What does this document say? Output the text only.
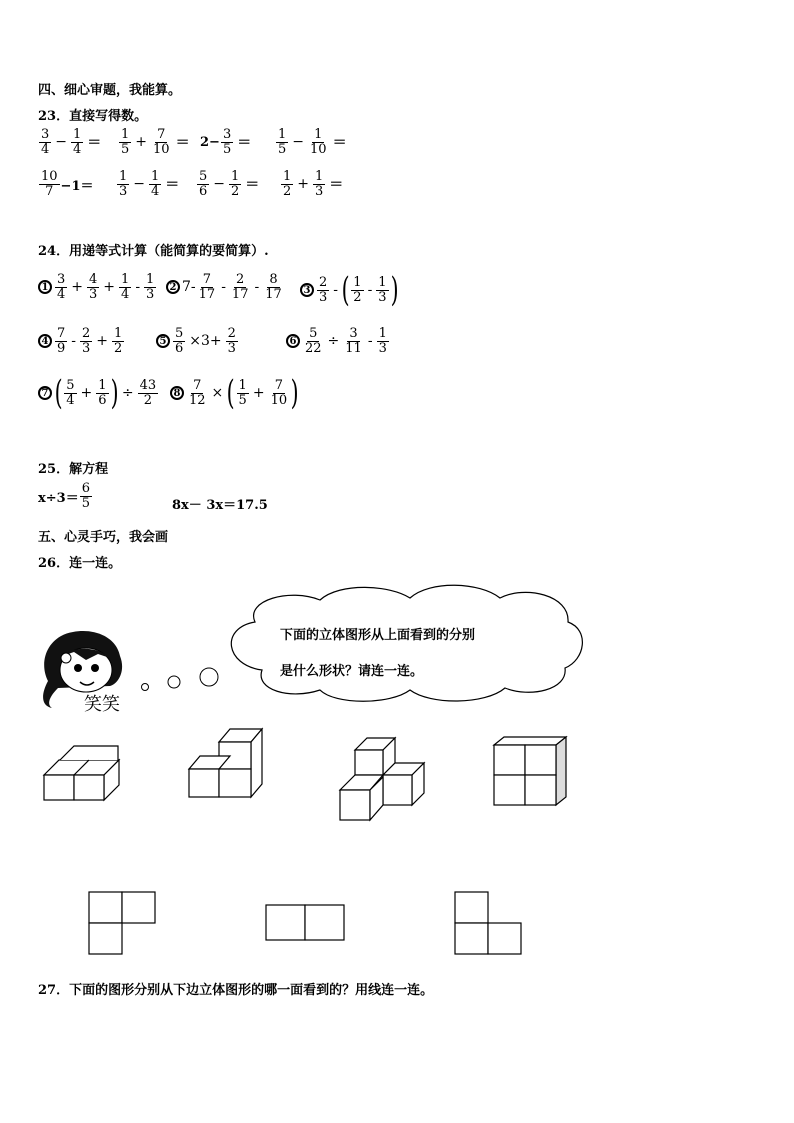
四、细心审题，我能算。
23．直接写得数。
$\frac{3}{4} - \frac{1}{4} = \frac{1}{5} + \frac{7}{10} = 2- \frac{3}{5} = \frac{1}{5} - \frac{1}{10}$ ＝
$\frac{10}{7} -1= \frac{1}{3} - \frac{1}{4} = \frac{5}{6} - \frac{1}{2} = \frac{1}{2} + \frac{1}{3}$ ＝
24．用递等式计算（能简算的要简算）.
$1 \frac{3}{4} + \frac{4}{3} + \frac{1}{4} - \frac{1}{3}$	2 $7- \frac{7}{17} - \frac{2}{17} - \frac{8}{17}$	$3 \frac{2}{3}$ - ( $\frac{1}{2} - \frac{1}{3}$ )
$4 \frac{7}{9} - \frac{2}{3} + \frac{1}{2}$	$5 \frac{5}{6} \times 3+ \frac{2}{3}$	$6 \frac{5}{22} \div \frac{3}{11} - \frac{1}{3}$
7 ( $\frac{5}{4} + \frac{1}{6}$ ) ÷ $\frac{43}{2}$	$8 \frac{7}{12}$ × ( $\frac{1}{5} + \frac{7}{10}$ )
25．解方程
$x\div 3= \frac{6}{5}$	8x－ 3x＝17.5
五、心灵手巧，我会画
26．连一连。
下面的立体图形从上面看到的分别
是什么形状？请连一连。
笑笑
27．下面的图形分别从下边立体图形的哪一面看到的？用线连一连。
